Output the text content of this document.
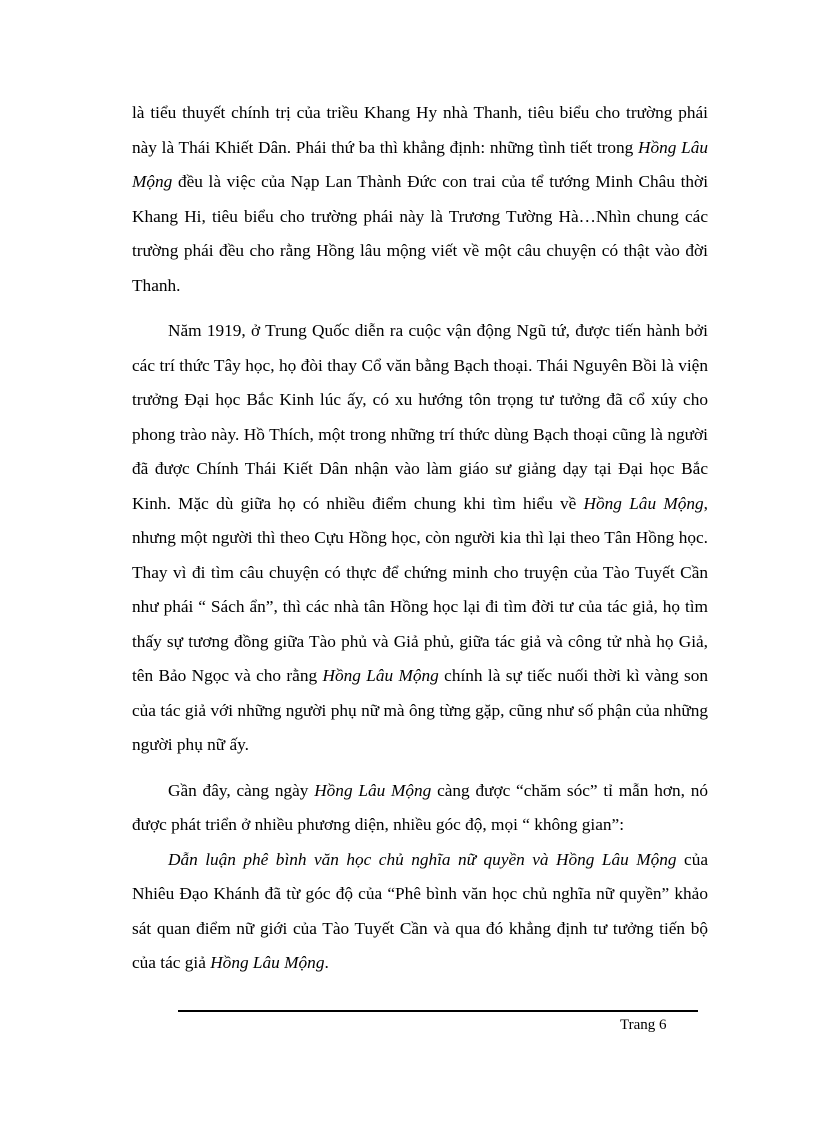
là tiểu thuyết chính trị của triều Khang Hy nhà Thanh, tiêu biểu cho trường phái này là Thái Khiết Dân. Phái thứ ba thì khẳng định: những tình tiết trong Hồng Lâu Mộng đều là việc của Nạp Lan Thành Đức con trai của tể tướng Minh Châu thời Khang Hi, tiêu biểu cho trường phái này là Trương Tường Hà…Nhìn chung các trường phái đều cho rằng Hồng lâu mộng viết về một câu chuyện có thật vào đời Thanh.

Năm 1919, ở Trung Quốc diễn ra cuộc vận động Ngũ tứ, được tiến hành bởi các trí thức Tây học, họ đòi thay Cổ văn bằng Bạch thoại. Thái Nguyên Bồi là viện trưởng Đại học Bắc Kinh lúc ấy, có xu hướng tôn trọng tư tưởng đã cổ xúy cho phong trào này. Hồ Thích, một trong những trí thức dùng Bạch thoại cũng là người đã được Chính Thái Kiết Dân nhận vào làm giáo sư giảng dạy tại Đại học Bắc Kinh. Mặc dù giữa họ có nhiều điểm chung khi tìm hiểu về Hồng Lâu Mộng, nhưng một người thì theo Cựu Hồng học, còn người kia thì lại theo Tân Hồng học. Thay vì đi tìm câu chuyện có thực để chứng minh cho truyện của Tào Tuyết Cần như phái “ Sách ẩn”, thì các nhà tân Hồng học lại đi tìm đời tư của tác giả, họ tìm thấy sự tương đồng giữa Tào phủ và Giả phủ, giữa tác giả và công tử nhà họ Giả, tên Bảo Ngọc và cho rằng Hồng Lâu Mộng chính là sự tiếc nuối thời kì vàng son của tác giả với những người phụ nữ mà ông từng gặp, cũng như số phận của những người phụ nữ ấy.

Gần đây, càng ngày Hồng Lâu Mộng càng được “chăm sóc” tỉ mẫn hơn, nó được phát triển ở nhiều phương diện, nhiều góc độ, mọi “ không gian”:

Dẫn luận phê bình văn học chủ nghĩa nữ quyền và Hồng Lâu Mộng của Nhiêu Đạo Khánh đã từ góc độ của “Phê bình văn học chủ nghĩa nữ quyền” khảo sát quan điểm nữ giới của Tào Tuyết Cần và qua đó khẳng định tư tưởng tiến bộ của tác giả Hồng Lâu Mộng.

Trang 6
